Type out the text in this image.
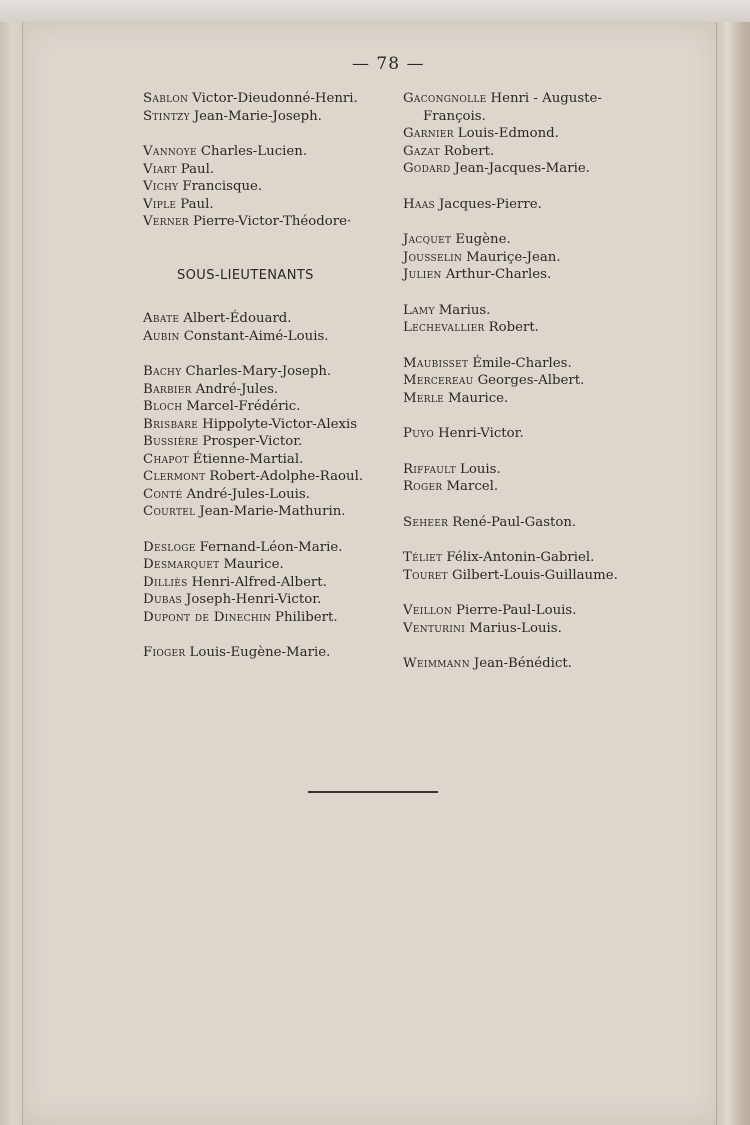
— 78 —
Sablon Victor-Dieudonné-Henri.
Stintzy Jean-Marie-Joseph.
Vannoye Charles-Lucien.
Viart Paul.
Vichy Francisque.
Viple Paul.
Verner Pierre-Victor-Théodore·
SOUS-LIEUTENANTS
Abate Albert-Édouard.
Aubin Constant-Aimé-Louis.
Bachy Charles-Mary-Joseph.
Barbier André-Jules.
Bloch Marcel-Frédéric.
Brisbare Hippolyte-Victor-Alexis
Bussière Prosper-Victor.
Chapot Étienne-Martial.
Clermont Robert-Adolphe-Raoul.
Conté André-Jules-Louis.
Courtel Jean-Marie-Mathurin.
Desloge Fernand-Léon-Marie.
Desmarquet Maurice.
Dilliès Henri-Alfred-Albert.
Dubas Joseph-Henri-Victor.
Dupont de Dinechin Philibert.
Fioger Louis-Eugène-Marie.
Gacongnolle Henri - Auguste-
François.
Garnier Louis-Edmond.
Gazat Robert.
Godard Jean-Jacques-Marie.
Haas Jacques-Pierre.
Jacquet Eugène.
Jousselin Mauriçe-Jean.
Julien Arthur-Charles.
Lamy Marius.
Lechevallier Robert.
Maubisset Émile-Charles.
Mercereau Georges-Albert.
Merle Maurice.
Puyo Henri-Victor.
Riffault Louis.
Roger Marcel.
Seheer René-Paul-Gaston.
Téliet Félix-Antonin-Gabriel.
Touret Gilbert-Louis-Guillaume.
Veillon Pierre-Paul-Louis.
Venturini Marius-Louis.
Weimmann Jean-Bénédict.
